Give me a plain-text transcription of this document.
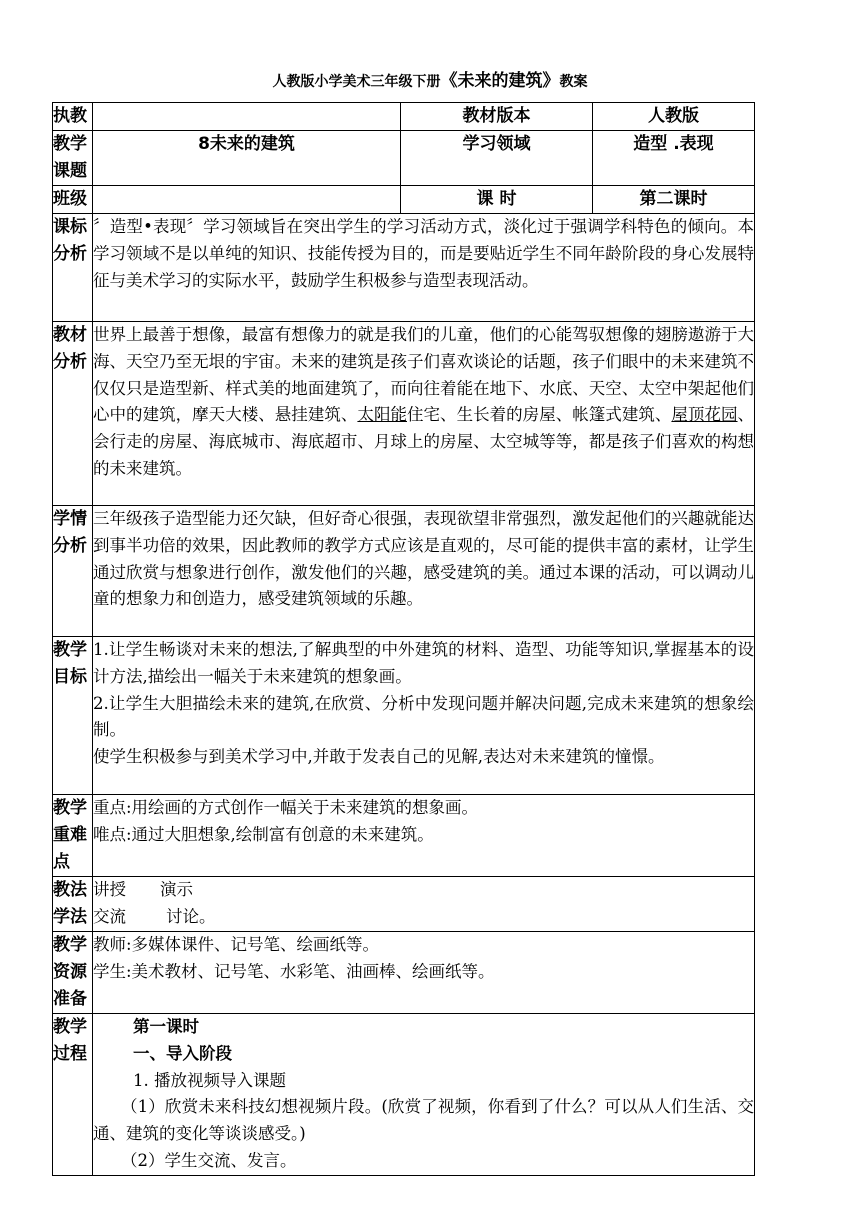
人教版小学美术三年级下册《未来的建筑》教案
执教		教材版本	人教版
教学课题	8未来的建筑	学习领域	造型 .表现
班级		课 时	第二课时
课标分析	〞造型•表现〞学习领域旨在突出学生的学习活动方式，淡化过于强调学科特色的倾向。本学习领域不是以单纯的知识、技能传授为目的，而是要贴近学生不同年龄阶段的身心发展特征与美术学习的实际水平，鼓励学生积极参与造型表现活动。		
教材分析	世界上最善于想像，最富有想像力的就是我们的儿童，他们的心能驾驭想像的翅膀遨游于大海、天空乃至无垠的宇宙。未来的建筑是孩子们喜欢谈论的话题，孩子们眼中的未来建筑不仅仅只是造型新、样式美的地面建筑了，而向往着能在地下、水底、天空、太空中架起他们心中的建筑，摩天大楼、悬挂建筑、太阳能住宅、生长着的房屋、帐篷式建筑、屋顶花园、会行走的房屋、海底城市、海底超市、月球上的房屋、太空城等等，都是孩子们喜欢的构想的未来建筑。		
学情分析	三年级孩子造型能力还欠缺，但好奇心很强，表现欲望非常强烈，激发起他们的兴趣就能达到事半功倍的效果，因此教师的教学方式应该是直观的，尽可能的提供丰富的素材，让学生通过欣赏与想象进行创作，激发他们的兴趣，感受建筑的美。通过本课的活动，可以调动儿童的想象力和创造力，感受建筑领域的乐趣。		
教学目标	1.让学生畅谈对未来的想法,了解典型的中外建筑的材料、造型、功能等知识,掌握基本的设计方法,描绘出一幅关于未来建筑的想象画。

2.让学生大胆描绘未来的建筑,在欣赏、分析中发现问题并解决问题,完成未来建筑的想象绘制。

使学生积极参与到美术学习中,并敢于发表自己的见解,表达对未来建筑的憧憬。		

教学重难点	重点:用绘画的方式创作一幅关于未来建筑的想象画。

唯点:通过大胆想象,绘制富有创意的未来建筑。		

教法学法	讲授 演示

交流 讨论。		

教学资源准备	教师:多媒体课件、记号笔、绘画纸等。

学生:美术教材、记号笔、水彩笔、油画棒、绘画纸等。		

教学过程	第一课时

一、导入阶段

1. 播放视频导入课题

（1）欣赏未来科技幻想视频片段。(欣赏了视频，你看到了什么？可以从人们生活、交通、建筑的变化等谈谈感受。)

（2）学生交流、发言。		
